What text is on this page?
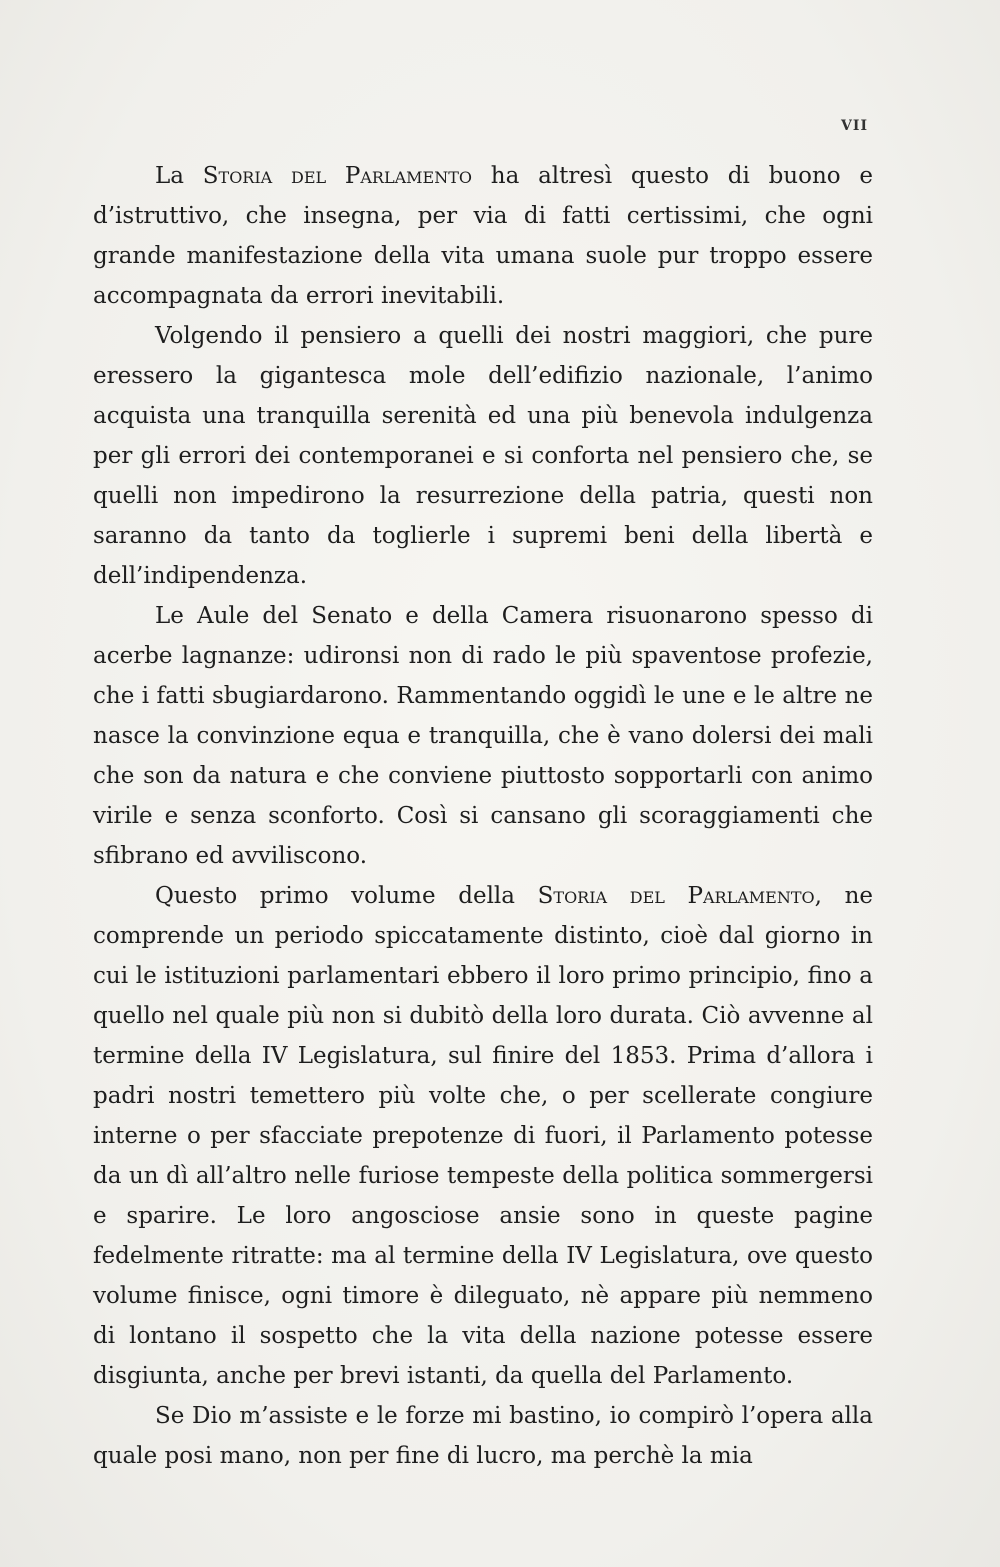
VII

La Storia del Parlamento ha altresì questo di buono e d’istruttivo, che insegna, per via di fatti certissimi, che ogni grande manifestazione della vita umana suole pur troppo essere accompagnata da errori inevitabili.

Volgendo il pensiero a quelli dei nostri maggiori, che pure eressero la gigantesca mole dell’edifizio nazionale, l’animo acquista una tranquilla serenità ed una più benevola indulgenza per gli errori dei contemporanei e si conforta nel pensiero che, se quelli non impedirono la resurrezione della patria, questi non saranno da tanto da toglierle i supremi beni della libertà e dell’indipendenza.

Le Aule del Senato e della Camera risuonarono spesso di acerbe lagnanze: udironsi non di rado le più spaventose profezie, che i fatti sbugiardarono. Rammentando oggidì le une e le altre ne nasce la convinzione equa e tranquilla, che è vano dolersi dei mali che son da natura e che conviene piuttosto sopportarli con animo virile e senza sconforto. Così si cansano gli scoraggiamenti che sfibrano ed avviliscono.

Questo primo volume della Storia del Parlamento, ne comprende un periodo spiccatamente distinto, cioè dal giorno in cui le istituzioni parlamentari ebbero il loro primo principio, fino a quello nel quale più non si dubitò della loro durata. Ciò avvenne al termine della IV Legislatura, sul finire del 1853. Prima d’allora i padri nostri temettero più volte che, o per scellerate congiure interne o per sfacciate prepotenze di fuori, il Parlamento potesse da un dì all’altro nelle furiose tempeste della politica sommergersi e sparire. Le loro angosciose ansie sono in queste pagine fedelmente ritratte: ma al termine della IV Legislatura, ove questo volume finisce, ogni timore è dileguato, nè appare più nemmeno di lontano il sospetto che la vita della nazione potesse essere disgiunta, anche per brevi istanti, da quella del Parlamento.

Se Dio m’assiste e le forze mi bastino, io compirò l’opera alla quale posi mano, non per fine di lucro, ma perchè la mia
